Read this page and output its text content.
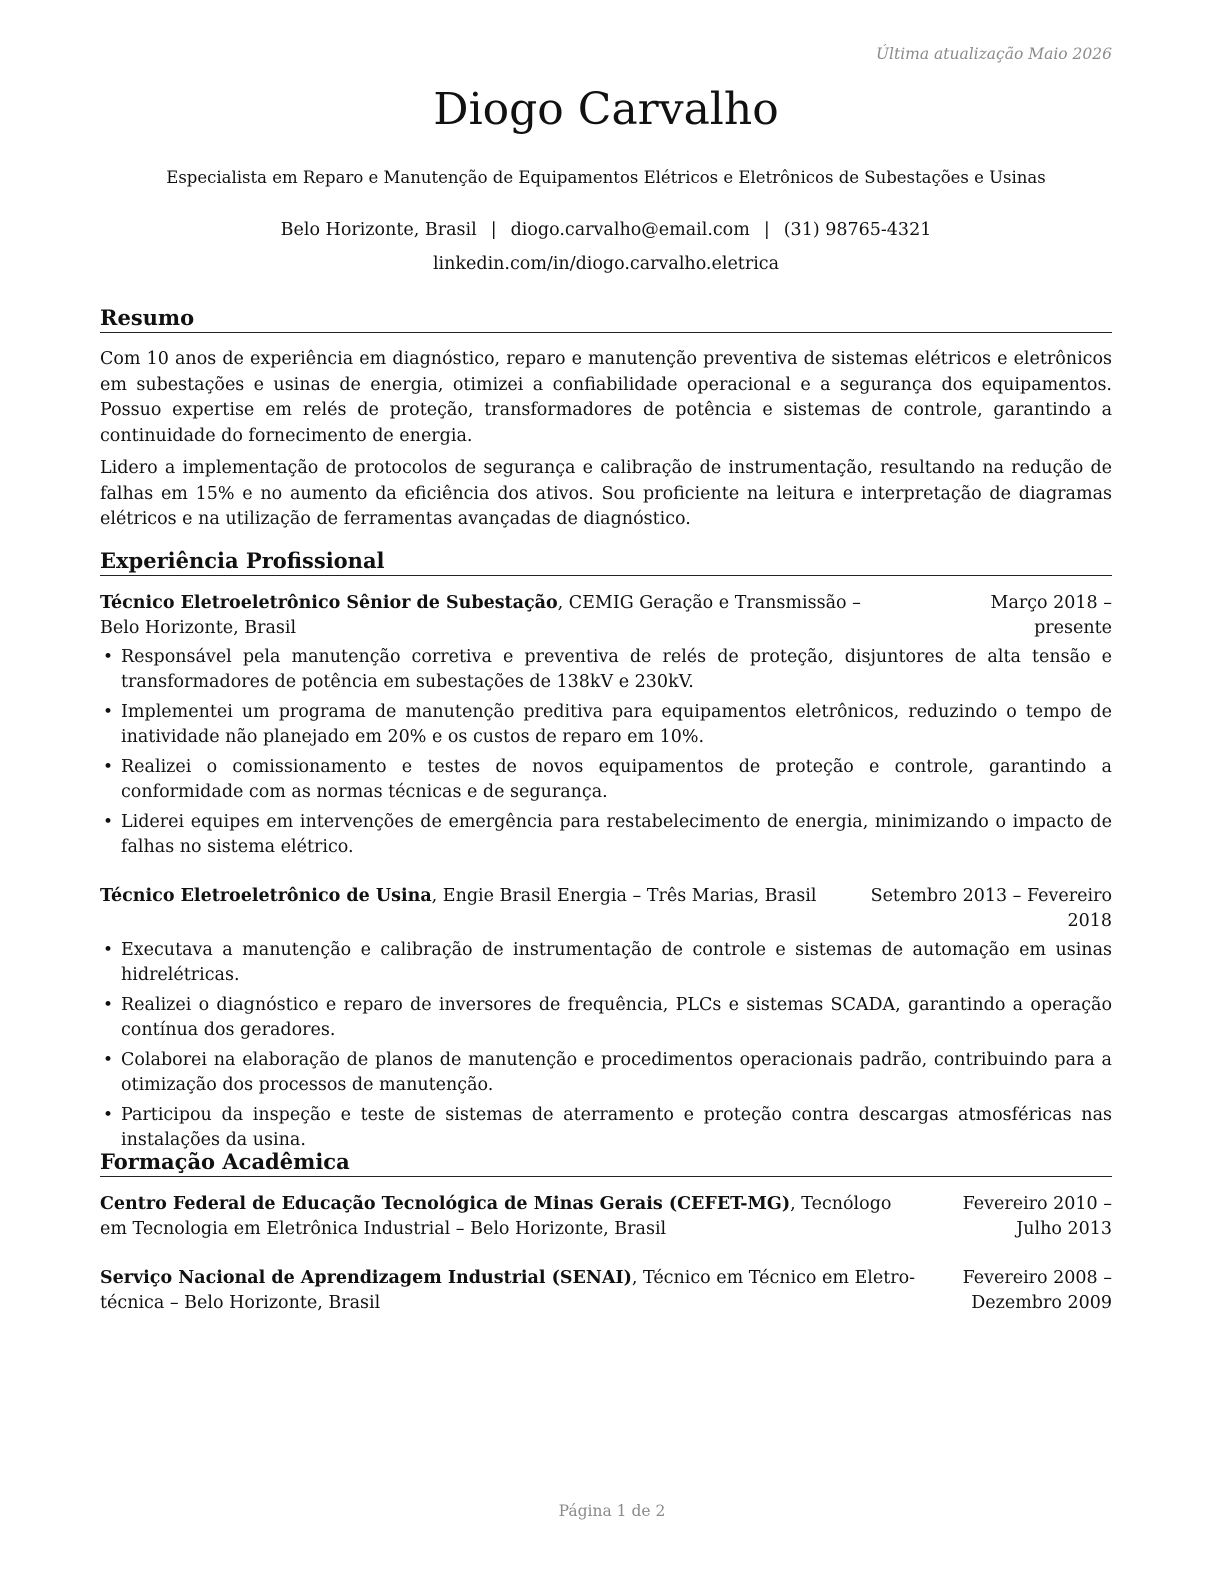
Última atualização Maio 2026
Diogo Carvalho
Especialista em Reparo e Manutenção de Equipamentos Elétricos e Eletrônicos de Subestações e Usinas
Belo Horizonte, Brasil | diogo.carvalho@email.com | (31) 98765-4321
linkedin.com/in/diogo.carvalho.eletrica
Resumo

Com 10 anos de experiência em diagnóstico, reparo e manutenção preventiva de sistemas elétricos e eletrônicos em subestações e usinas de energia, otimizei a confiabilidade operacional e a segurança dos equipamentos. Possuo expertise em relés de proteção, transformadores de potência e sistemas de controle, garantindo a continuidade do fornecimento de energia.

Lidero a implementação de protocolos de segurança e calibração de instrumentação, resultando na redução de falhas em 15% e no aumento da eficiência dos ativos. Sou proficiente na leitura e interpretação de diagramas elétricos e na utilização de ferramentas avançadas de diagnóstico.

Experiência Profissional
Técnico Eletroeletrônico Sênior de Subestação, CEMIG Geração e Transmissão – Belo Horizonte, Brasil
Março 2018 – presente
• Responsável pela manutenção corretiva e preventiva de relés de proteção, disjuntores de alta tensão e transformadores de potência em subestações de 138kV e 230kV.
• Implementei um programa de manutenção preditiva para equipamentos eletrônicos, reduzindo o tempo de inatividade não planejado em 20% e os custos de reparo em 10%.
• Realizei o comissionamento e testes de novos equipamentos de proteção e controle, garantindo a conformidade com as normas técnicas e de segurança.
• Liderei equipes em intervenções de emergência para restabelecimento de energia, minimizando o impacto de falhas no sistema elétrico.
Técnico Eletroeletrônico de Usina, Engie Brasil Energia – Três Marias, Brasil	Setembro 2013 – Fevereiro 2018
• Executava a manutenção e calibração de instrumentação de controle e sistemas de automação em usinas hidrelétricas.
• Realizei o diagnóstico e reparo de inversores de frequência, PLCs e sistemas SCADA, garantindo a operação contínua dos geradores.
• Colaborei na elaboração de planos de manutenção e procedimentos operacionais padrão, contribuindo para a otimização dos processos de manutenção.
• Participou da inspeção e teste de sistemas de aterramento e proteção contra descargas atmosféricas nas instalações da usina.
Formação Acadêmica
Centro Federal de Educação Tecnológica de Minas Gerais (CEFET-MG), Tecnólogo em Tecnologia em Eletrônica Industrial – Belo Horizonte, Brasil
Fevereiro 2010 – Julho 2013
Serviço Nacional de Aprendizagem Industrial (SENAI), Técnico em Técnico em Eletro-técnica – Belo Horizonte, Brasil
Fevereiro 2008 – Dezembro 2009
Página 1 de 2
